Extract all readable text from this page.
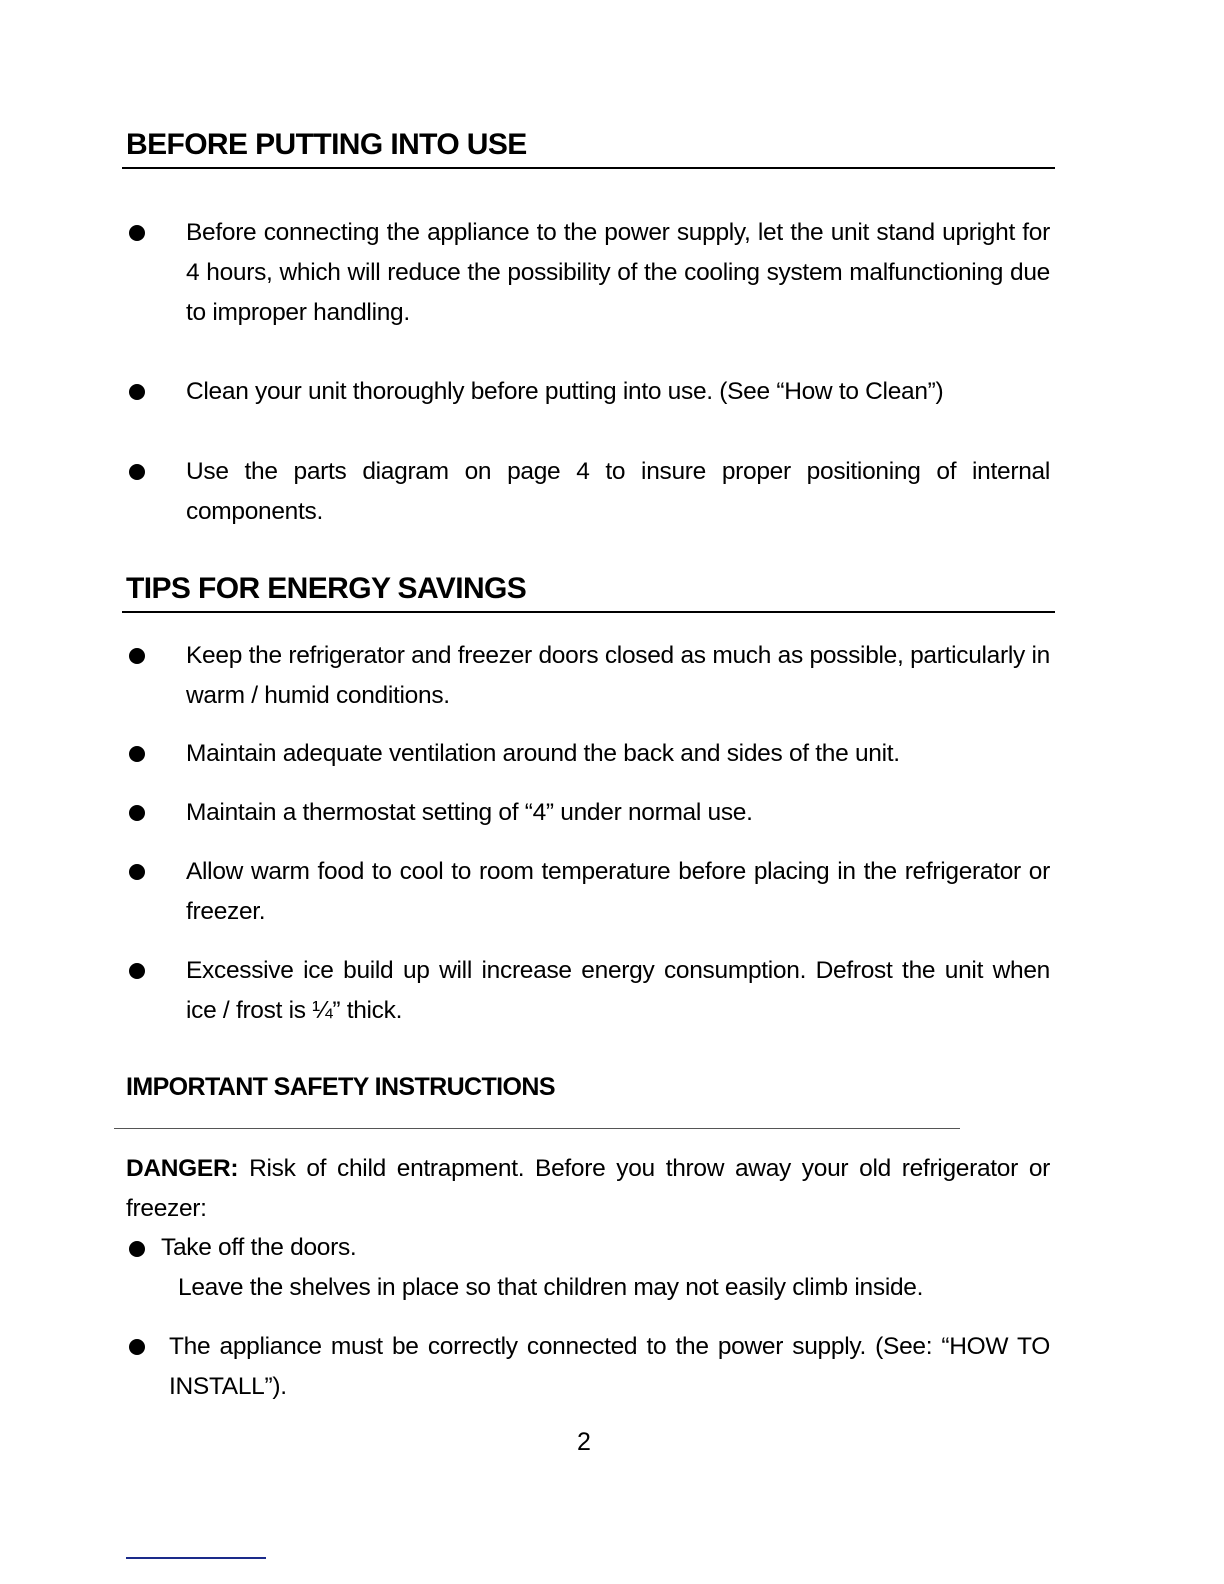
BEFORE PUTTING INTO USE

Before connecting the appliance to the power supply, let the unit stand upright for 4 hours, which will reduce the possibility of the cooling system malfunctioning due to improper handling.

Clean your unit thoroughly before putting into use. (See “How to Clean”)

Use the parts diagram on page 4 to insure proper positioning of internal components.

TIPS FOR ENERGY SAVINGS

Keep the refrigerator and freezer doors closed as much as possible, particularly in warm / humid conditions.

Maintain adequate ventilation around the back and sides of the unit.

Maintain a thermostat setting of “4” under normal use.

Allow warm food to cool to room temperature before placing in the refrigerator or freezer.

Excessive ice build up will increase energy consumption. Defrost the unit when ice / frost is ¼” thick.

IMPORTANT SAFETY INSTRUCTIONS

DANGER: Risk of child entrapment. Before you throw away your old refrigerator or freezer:

Take off the doors.

Leave the shelves in place so that children may not easily climb inside.

The appliance must be correctly connected to the power supply. (See: “HOW TO INSTALL”).

2
